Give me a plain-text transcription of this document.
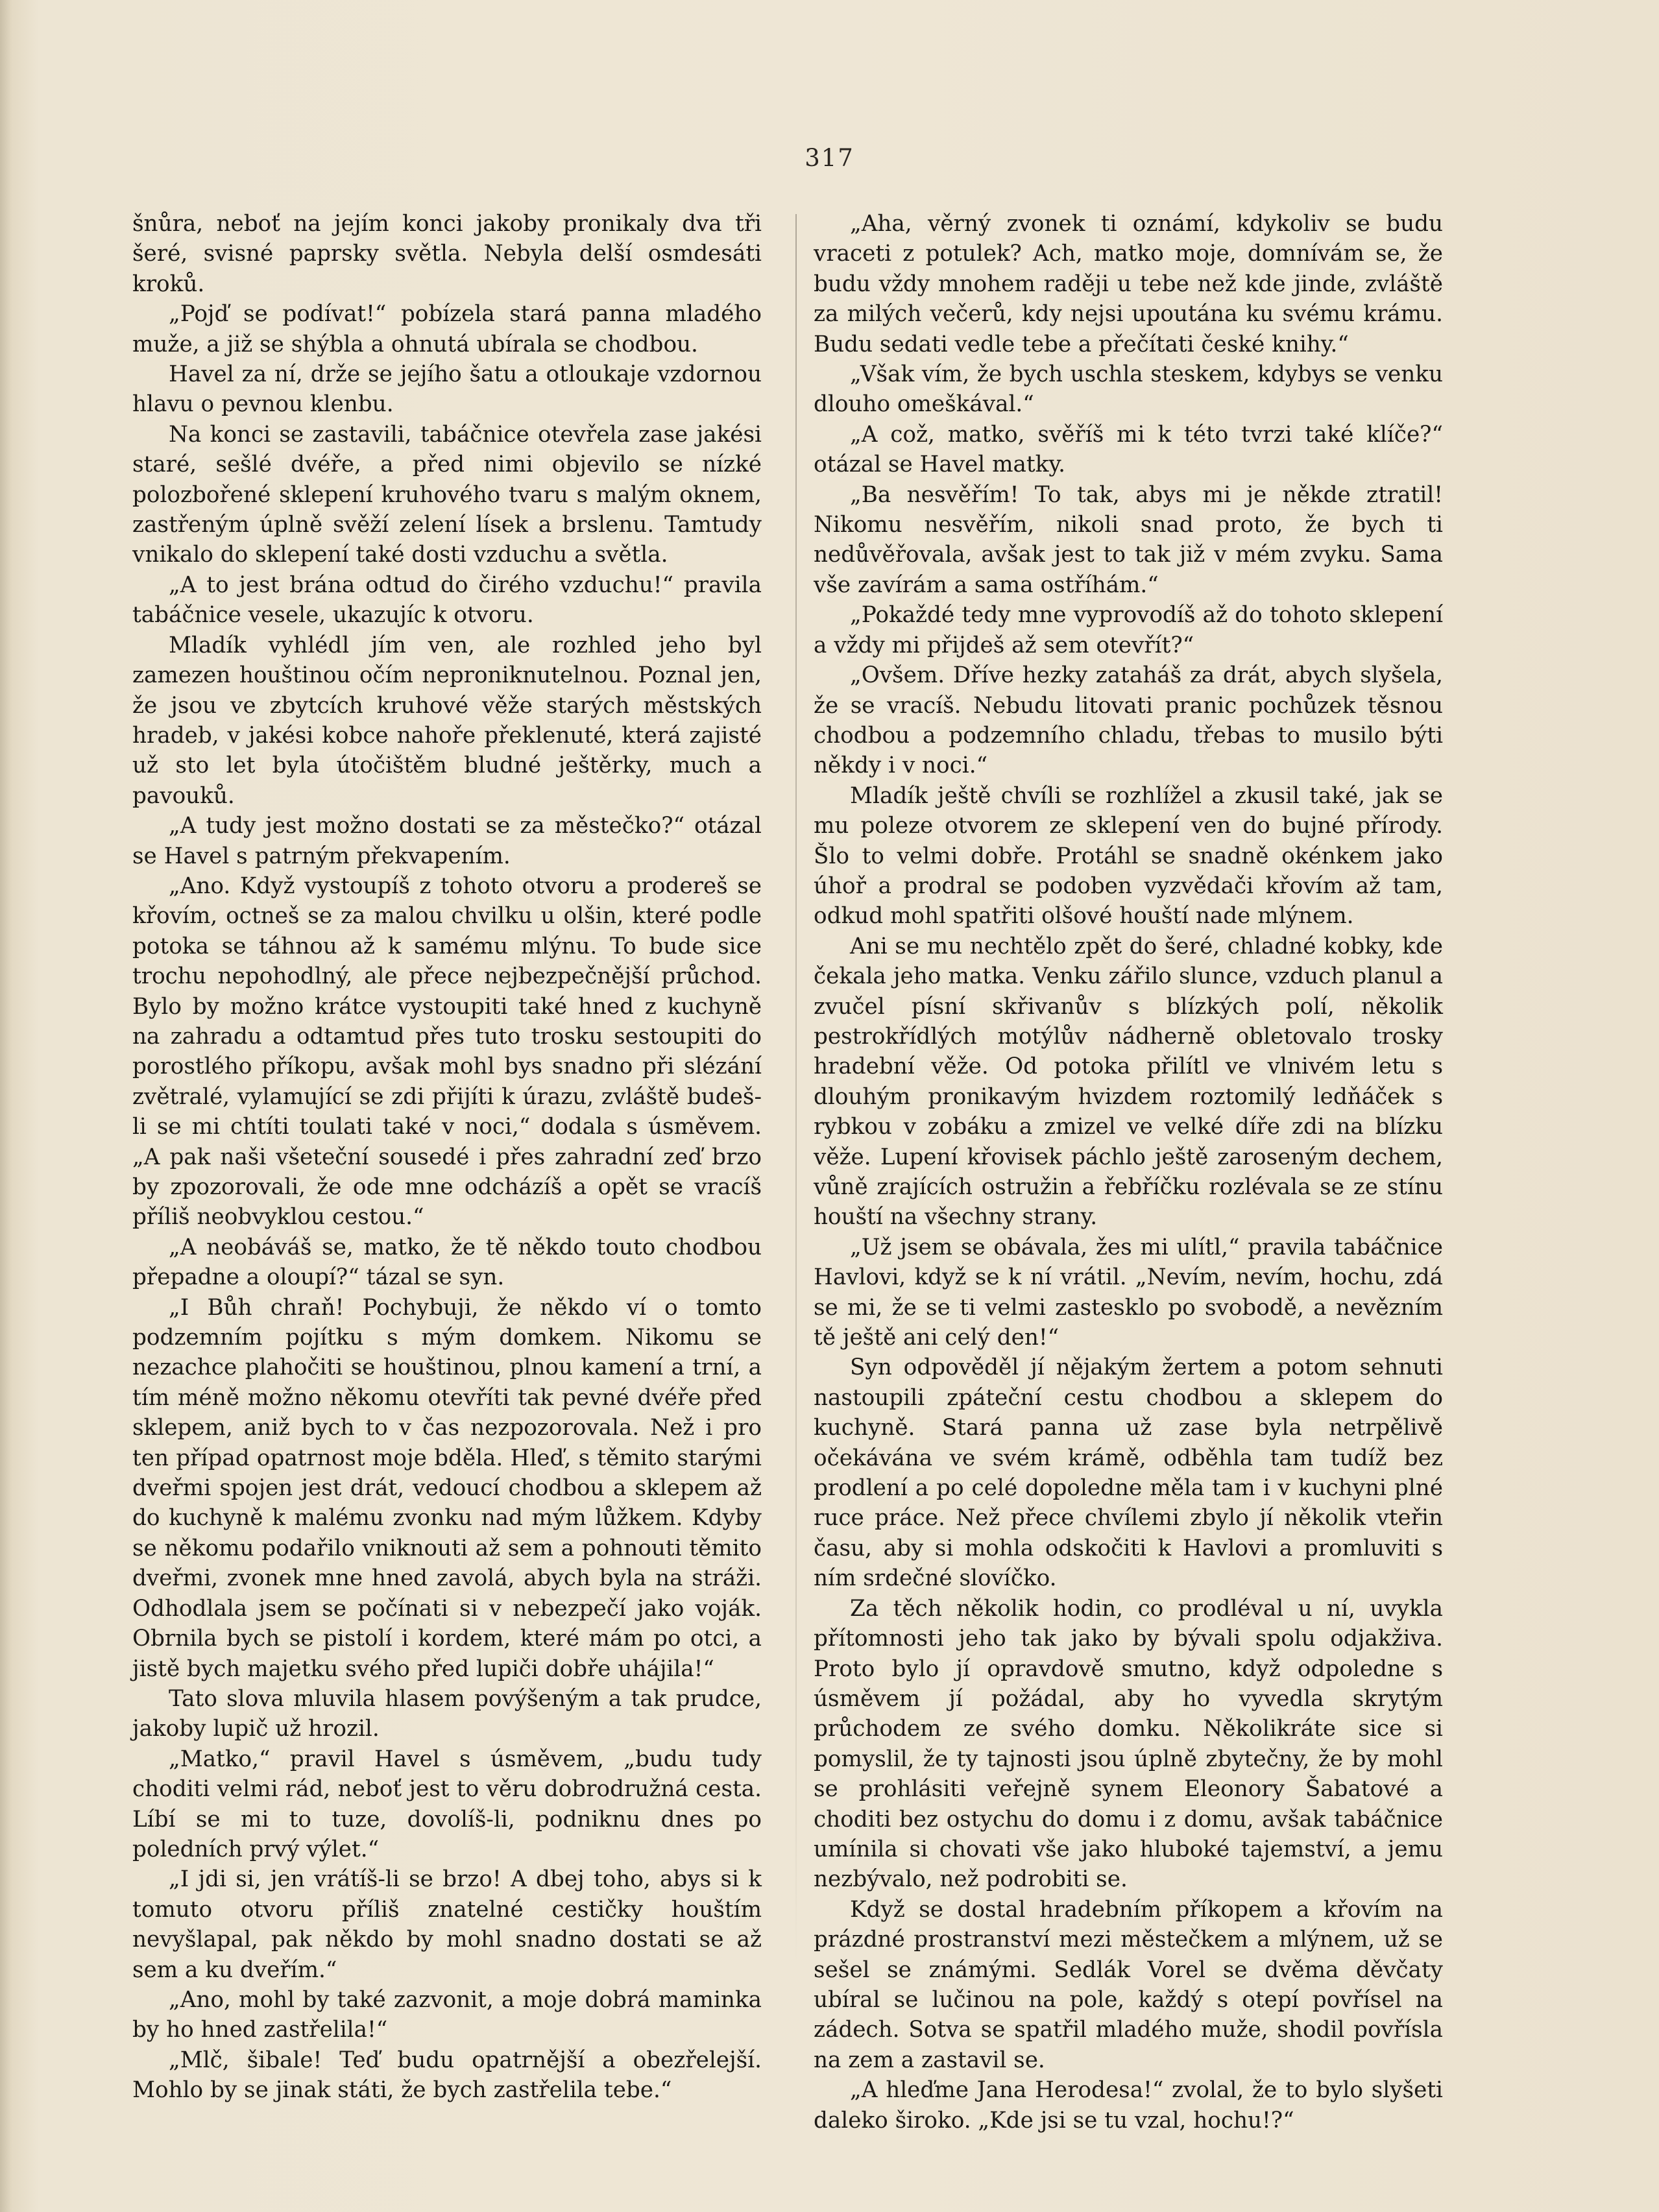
317

šnůra, neboť na jejím konci jakoby pronikaly dva tři šeré, svisné paprsky světla. Nebyla delší osmdesáti kroků.

„Pojď se podívat!“ pobízela stará panna mladého muže, a již se shýbla a ohnutá ubírala se chodbou.

Havel za ní, drže se jejího šatu a otloukaje vzdornou hlavu o pevnou klenbu.

Na konci se zastavili, tabáčnice otevřela zase jakési staré, sešlé dvéře, a před nimi objevilo se nízké polozbořené sklepení kruhového tvaru s malým oknem, zastřeným úplně svěží zelení lísek a brslenu. Tamtudy vnikalo do sklepení také dosti vzduchu a světla.

„A to jest brána odtud do čirého vzduchu!“ pravila tabáčnice vesele, ukazujíc k otvoru.

Mladík vyhlédl jím ven, ale rozhled jeho byl zamezen houštinou očím neproniknutelnou. Poznal jen, že jsou ve zbytcích kruhové věže starých městských hradeb, v jakési kobce nahoře překlenuté, která zajisté už sto let byla útočištěm bludné ještěrky, much a pavouků.

„A tudy jest možno dostati se za městečko?“ otázal se Havel s patrným překvapením.

„Ano. Když vystoupíš z tohoto otvoru a prodereš se křovím, octneš se za malou chvilku u olšin, které podle potoka se táhnou až k samému mlýnu. To bude sice trochu nepohodlný, ale přece nejbezpečnější průchod. Bylo by možno krátce vystoupiti také hned z kuchyně na zahradu a odtamtud přes tuto trosku sestoupiti do porostlého příkopu, avšak mohl bys snadno při slézání zvětralé, vylamující se zdi přijíti k úrazu, zvláště budeš-li se mi chtíti toulati také v noci,“ dodala s úsměvem. „A pak naši všeteční sousedé i přes zahradní zeď brzo by zpozorovali, že ode mne odcházíš a opět se vracíš příliš neobvyklou cestou.“

„A neobáváš se, matko, že tě někdo touto chodbou přepadne a oloupí?“ tázal se syn.

„I Bůh chraň! Pochybuji, že někdo ví o tomto podzemním pojítku s mým domkem. Nikomu se nezachce plahočiti se houštinou, plnou kamení a trní, a tím méně možno někomu otevříti tak pevné dvéře před sklepem, aniž bych to v čas nezpozorovala. Než i pro ten případ opatrnost moje bděla. Hleď, s těmito starými dveřmi spojen jest drát, vedoucí chodbou a sklepem až do kuchyně k malému zvonku nad mým lůžkem. Kdyby se někomu podařilo vniknouti až sem a pohnouti těmito dveřmi, zvonek mne hned zavolá, abych byla na stráži. Odhodlala jsem se počínati si v nebezpečí jako voják. Obrnila bych se pistolí i kordem, které mám po otci, a jistě bych majetku svého před lupiči dobře uhájila!“

Tato slova mluvila hlasem povýšeným a tak prudce, jakoby lupič už hrozil.

„Matko,“ pravil Havel s úsměvem, „budu tudy choditi velmi rád, neboť jest to věru dobrodružná cesta. Líbí se mi to tuze, dovolíš-li, podniknu dnes po poledních prvý výlet.“

„I jdi si, jen vrátíš-li se brzo! A dbej toho, abys si k tomuto otvoru příliš znatelné cestičky houštím nevyšlapal, pak někdo by mohl snadno dostati se až sem a ku dveřím.“

„Ano, mohl by také zazvonit, a moje dobrá maminka by ho hned zastřelila!“

„Mlč, šibale! Teď budu opatrnější a obezřelejší. Mohlo by se jinak státi, že bych zastřelila tebe.“

„Aha, věrný zvonek ti oznámí, kdykoliv se budu vraceti z potulek? Ach, matko moje, domnívám se, že budu vždy mnohem raději u tebe než kde jinde, zvláště za milých večerů, kdy nejsi upoutána ku svému krámu. Budu sedati vedle tebe a přečítati české knihy.“

„Však vím, že bych uschla steskem, kdybys se venku dlouho omeškával.“

„A což, matko, svěříš mi k této tvrzi také klíče?“ otázal se Havel matky.

„Ba nesvěřím! To tak, abys mi je někde ztratil! Nikomu nesvěřím, nikoli snad proto, že bych ti nedůvěřovala, avšak jest to tak již v mém zvyku. Sama vše zavírám a sama ostříhám.“

„Pokaždé tedy mne vyprovodíš až do tohoto sklepení a vždy mi přijdeš až sem otevřít?“

„Ovšem. Dříve hezky zataháš za drát, abych slyšela, že se vracíš. Nebudu litovati pranic pochůzek těsnou chodbou a podzemního chladu, třebas to musilo býti někdy i v noci.“

Mladík ještě chvíli se rozhlížel a zkusil také, jak se mu poleze otvorem ze sklepení ven do bujné přírody. Šlo to velmi dobře. Protáhl se snadně okénkem jako úhoř a prodral se podoben vyzvědači křovím až tam, odkud mohl spatřiti olšové houští nade mlýnem.

Ani se mu nechtělo zpět do šeré, chladné kobky, kde čekala jeho matka. Venku zářilo slunce, vzduch planul a zvučel písní skřivanův s blízkých polí, několik pestrokřídlých motýlův nádherně obletovalo trosky hradební věže. Od potoka přilítl ve vlnivém letu s dlouhým pronikavým hvizdem roztomilý ledňáček s rybkou v zobáku a zmizel ve velké díře zdi na blízku věže. Lupení křovisek páchlo ještě zaroseným dechem, vůně zrajících ostružin a řebříčku rozlévala se ze stínu houští na všechny strany.

„Už jsem se obávala, žes mi ulítl,“ pravila tabáčnice Havlovi, když se k ní vrátil. „Nevím, nevím, hochu, zdá se mi, že se ti velmi zastesklo po svobodě, a nevězním tě ještě ani celý den!“

Syn odpověděl jí nějakým žertem a potom sehnuti nastoupili zpáteční cestu chodbou a sklepem do kuchyně. Stará panna už zase byla netrpělivě očekávána ve svém krámě, odběhla tam tudíž bez prodlení a po celé dopoledne měla tam i v kuchyni plné ruce práce. Než přece chvílemi zbylo jí několik vteřin času, aby si mohla odskočiti k Havlovi a promluviti s ním srdečné slovíčko.

Za těch několik hodin, co prodléval u ní, uvykla přítomnosti jeho tak jako by bývali spolu odjakživa. Proto bylo jí opravdově smutno, když odpoledne s úsměvem jí požádal, aby ho vyvedla skrytým průchodem ze svého domku. Několikráte sice si pomyslil, že ty tajnosti jsou úplně zbytečny, že by mohl se prohlásiti veřejně synem Eleonory Šabatové a choditi bez ostychu do domu i z domu, avšak tabáčnice umínila si chovati vše jako hluboké tajemství, a jemu nezbývalo, než podrobiti se.

Když se dostal hradebním příkopem a křovím na prázdné prostranství mezi městečkem a mlýnem, už se sešel se známými. Sedlák Vorel se dvěma děvčaty ubíral se lučinou na pole, každý s otepí povřísel na zádech. Sotva se spatřil mladého muže, shodil povřísla na zem a zastavil se.

„A hleďme Jana Herodesa!“ zvolal, že to bylo slyšeti daleko široko. „Kde jsi se tu vzal, hochu!?“
